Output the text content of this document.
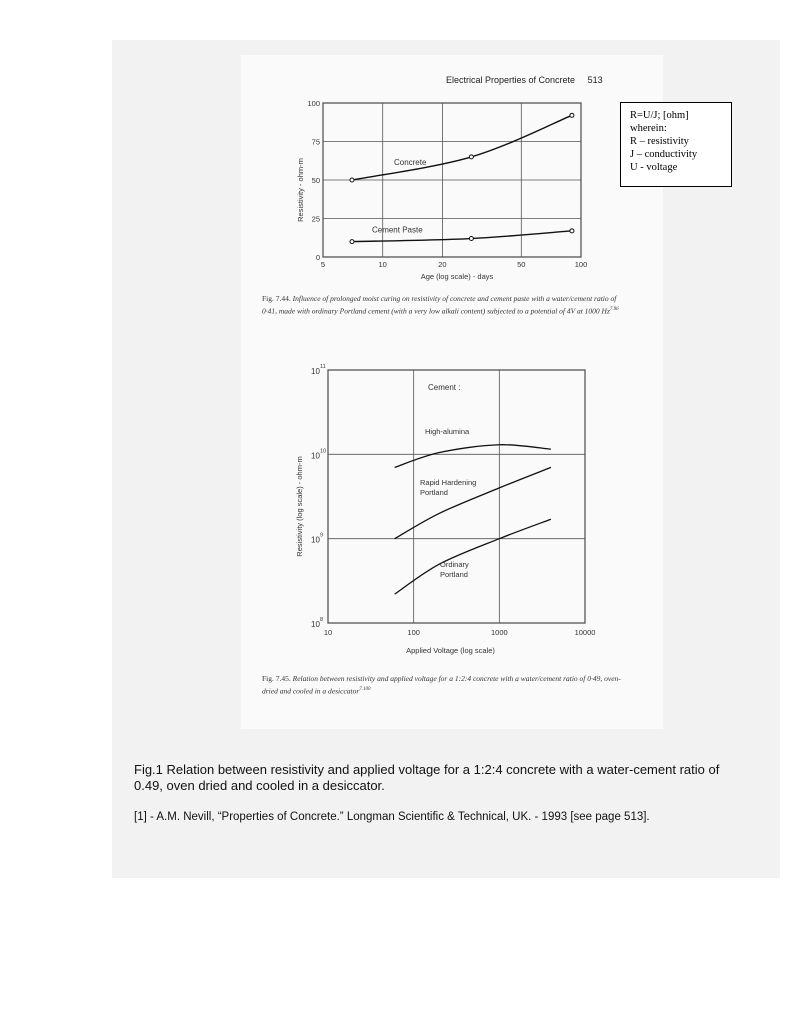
Electrical Properties of Concrete 513
5	10	20	50	100
0
25
50
75
100
Age (log scale) - days
Resistivity - ohm-m	Concrete
Cement Paste
Fig. 7.44. Influence of prolonged moist curing on resistivity of concrete and cement paste with a water/cement ratio of 0·41, made with ordinary Portland cement (with a very low alkali content) subjected to a potential of 4V at 1000 $Hz^{7.96}$
10	100	1000	10000
10 8
10 9
10 10
10 11
Applied Voltage (log scale)
Resistivity (log scale) - ohm-m
Cement :
High-alumina
Rapid Hardening
Portland
Ordinary
Portland
Fig. 7.45. Relation between resistivity and applied voltage for a 1:2:4 concrete with a water/cement ratio of 0·49, oven-dried and cooled in a desiccator$^{7.100}$
R=U/J; [ohm]
wherein:
R – resistivity
J – conductivity
U - voltage
Fig.1 Relation between resistivity and applied voltage for a 1:2:4 concrete with a water-cement ratio of 0.49, oven dried and cooled in a desiccator.
[1] - A.M. Nevill, “Properties of Concrete.” Longman Scientific & Technical, UK. - 1993 [see page 513].
